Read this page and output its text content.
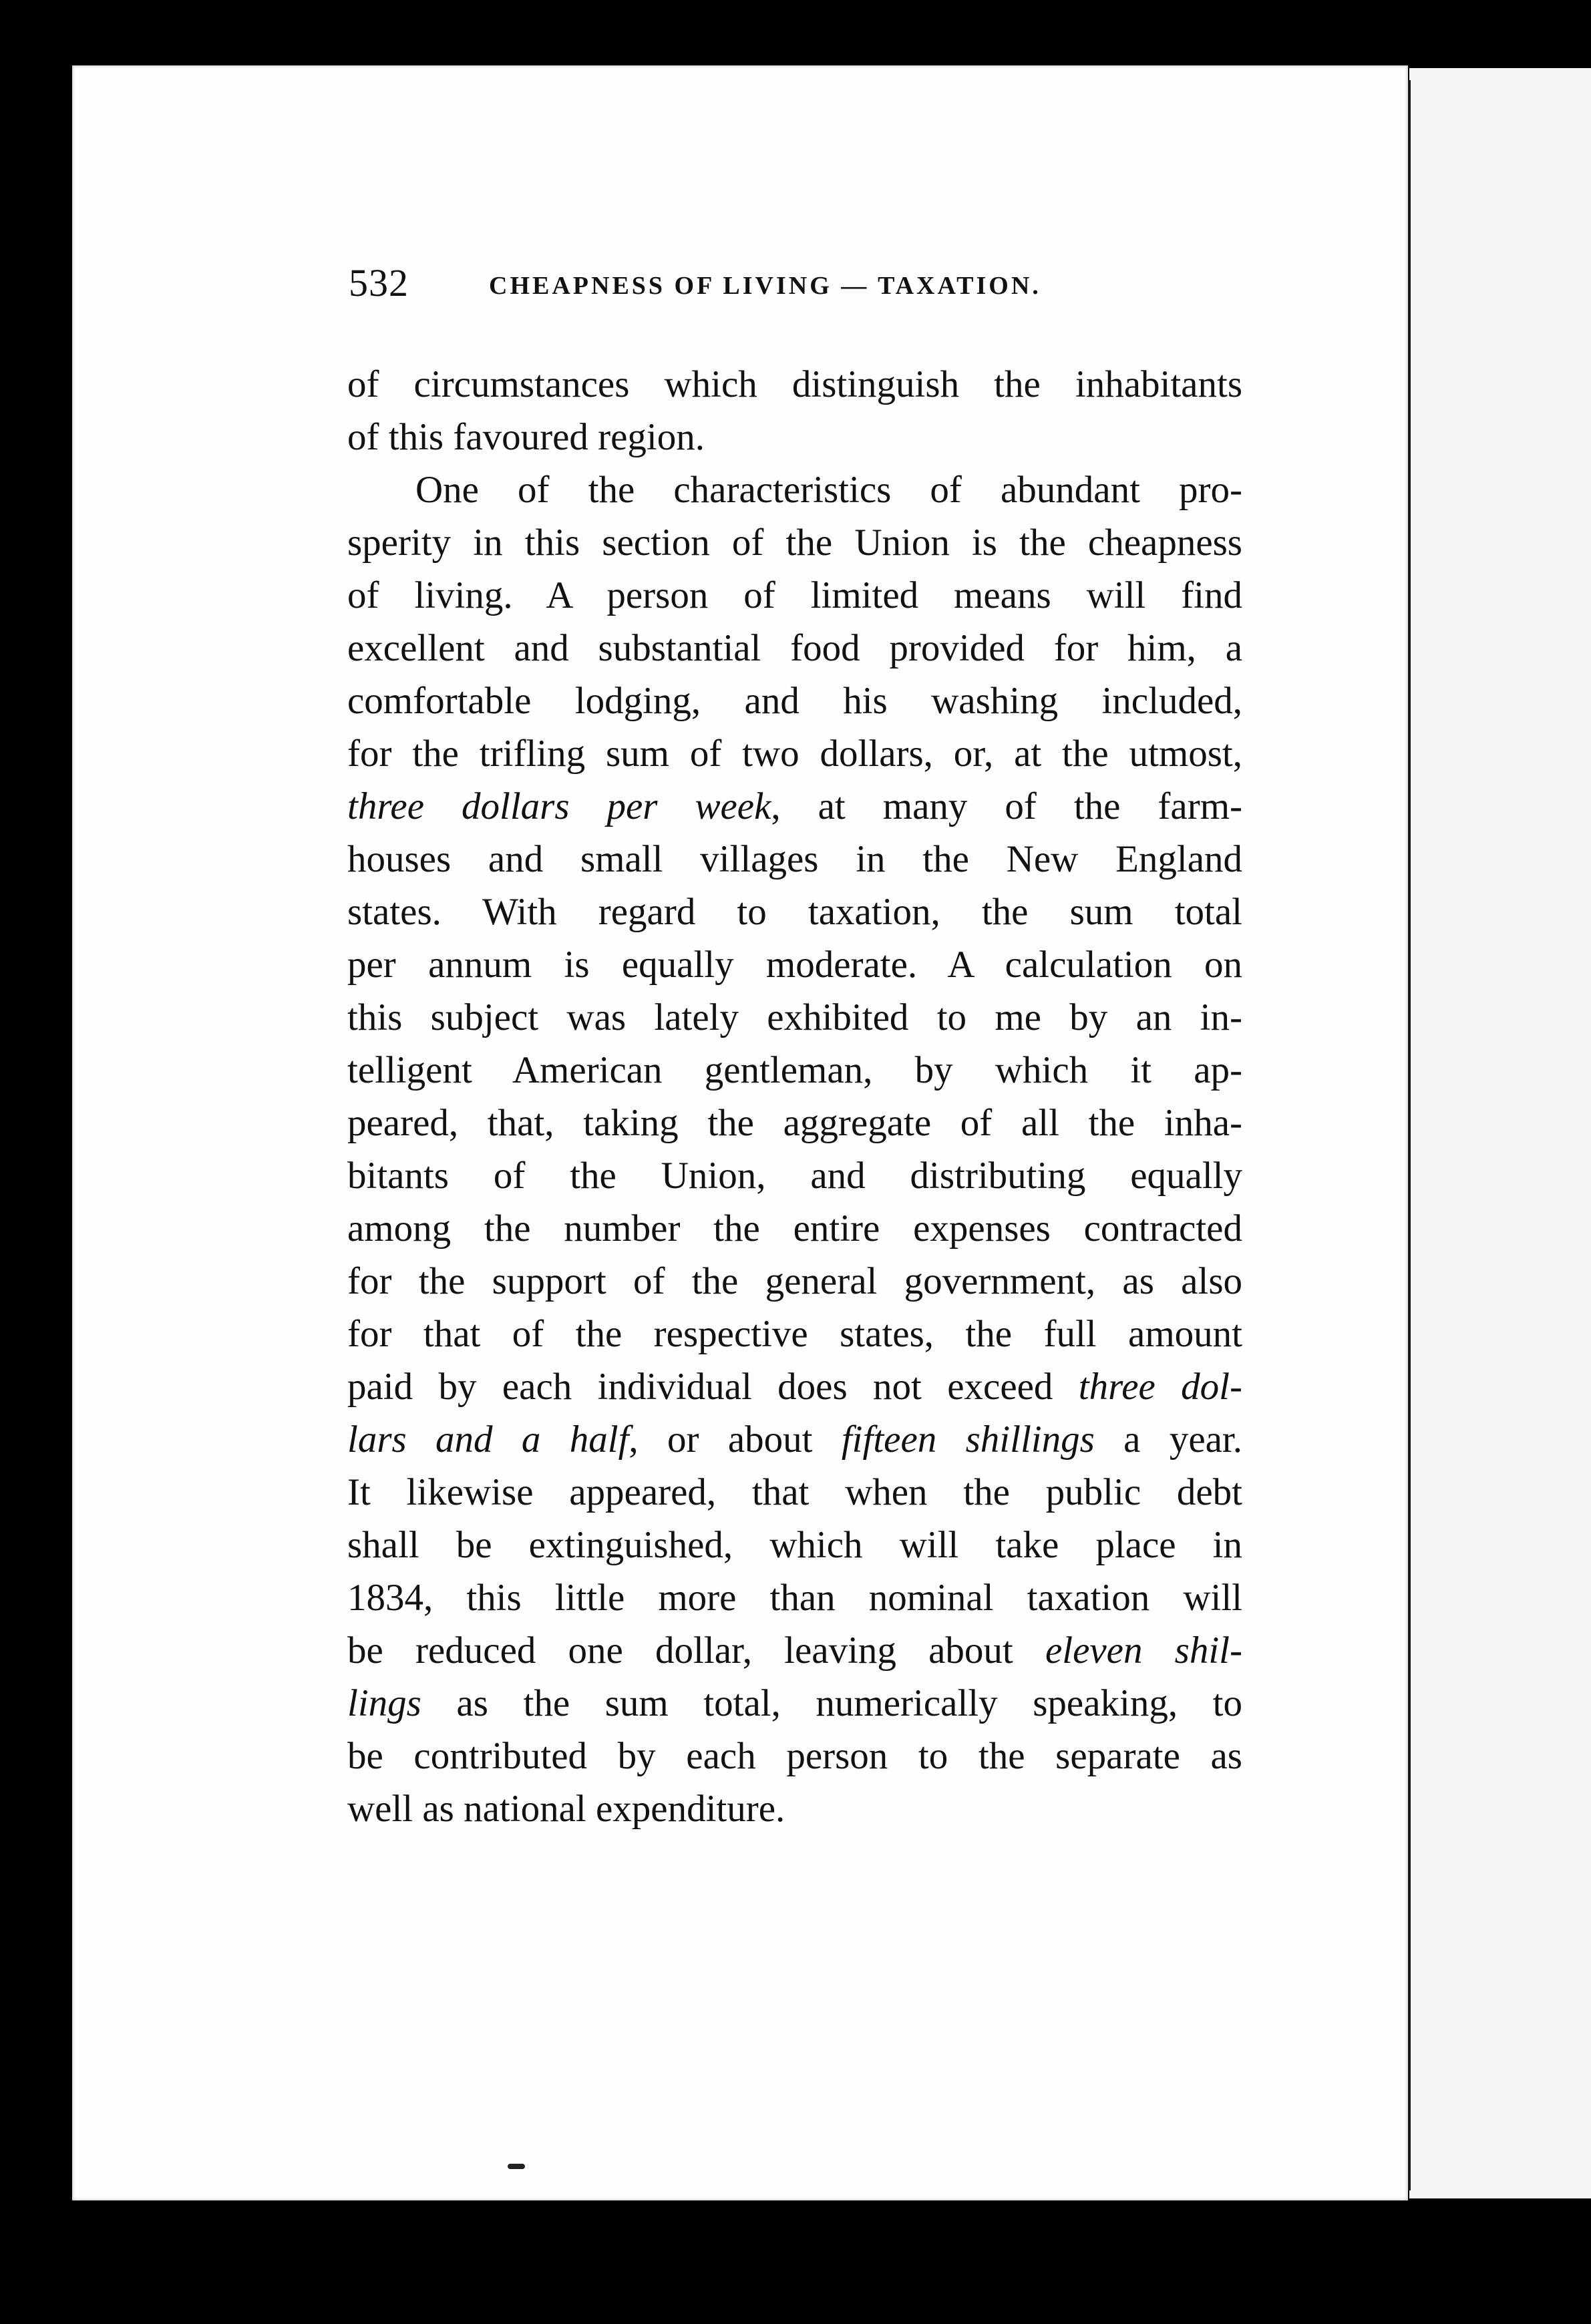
532	CHEAPNESS OF LIVING — TAXATION.
of circumstances which distinguish the inhabitants
of this favoured region.
One of the characteristics of abundant pro-
sperity in this section of the Union is the cheapness
of living. A person of limited means will find
excellent and substantial food provided for him, a
comfortable lodging, and his washing included,
for the trifling sum of two dollars, or, at the utmost,
three dollars per week, at many of the farm-
houses and small villages in the New England
states. With regard to taxation, the sum total
per annum is equally moderate. A calculation on
this subject was lately exhibited to me by an in-
telligent American gentleman, by which it ap-
peared, that, taking the aggregate of all the inha-
bitants of the Union, and distributing equally
among the number the entire expenses contracted
for the support of the general government, as also
for that of the respective states, the full amount
paid by each individual does not exceed three dol-
lars and a half, or about fifteen shillings a year.
It likewise appeared, that when the public debt
shall be extinguished, which will take place in
1834, this little more than nominal taxation will
be reduced one dollar, leaving about eleven shil-
lings as the sum total, numerically speaking, to
be contributed by each person to the separate as
well as national expenditure.
